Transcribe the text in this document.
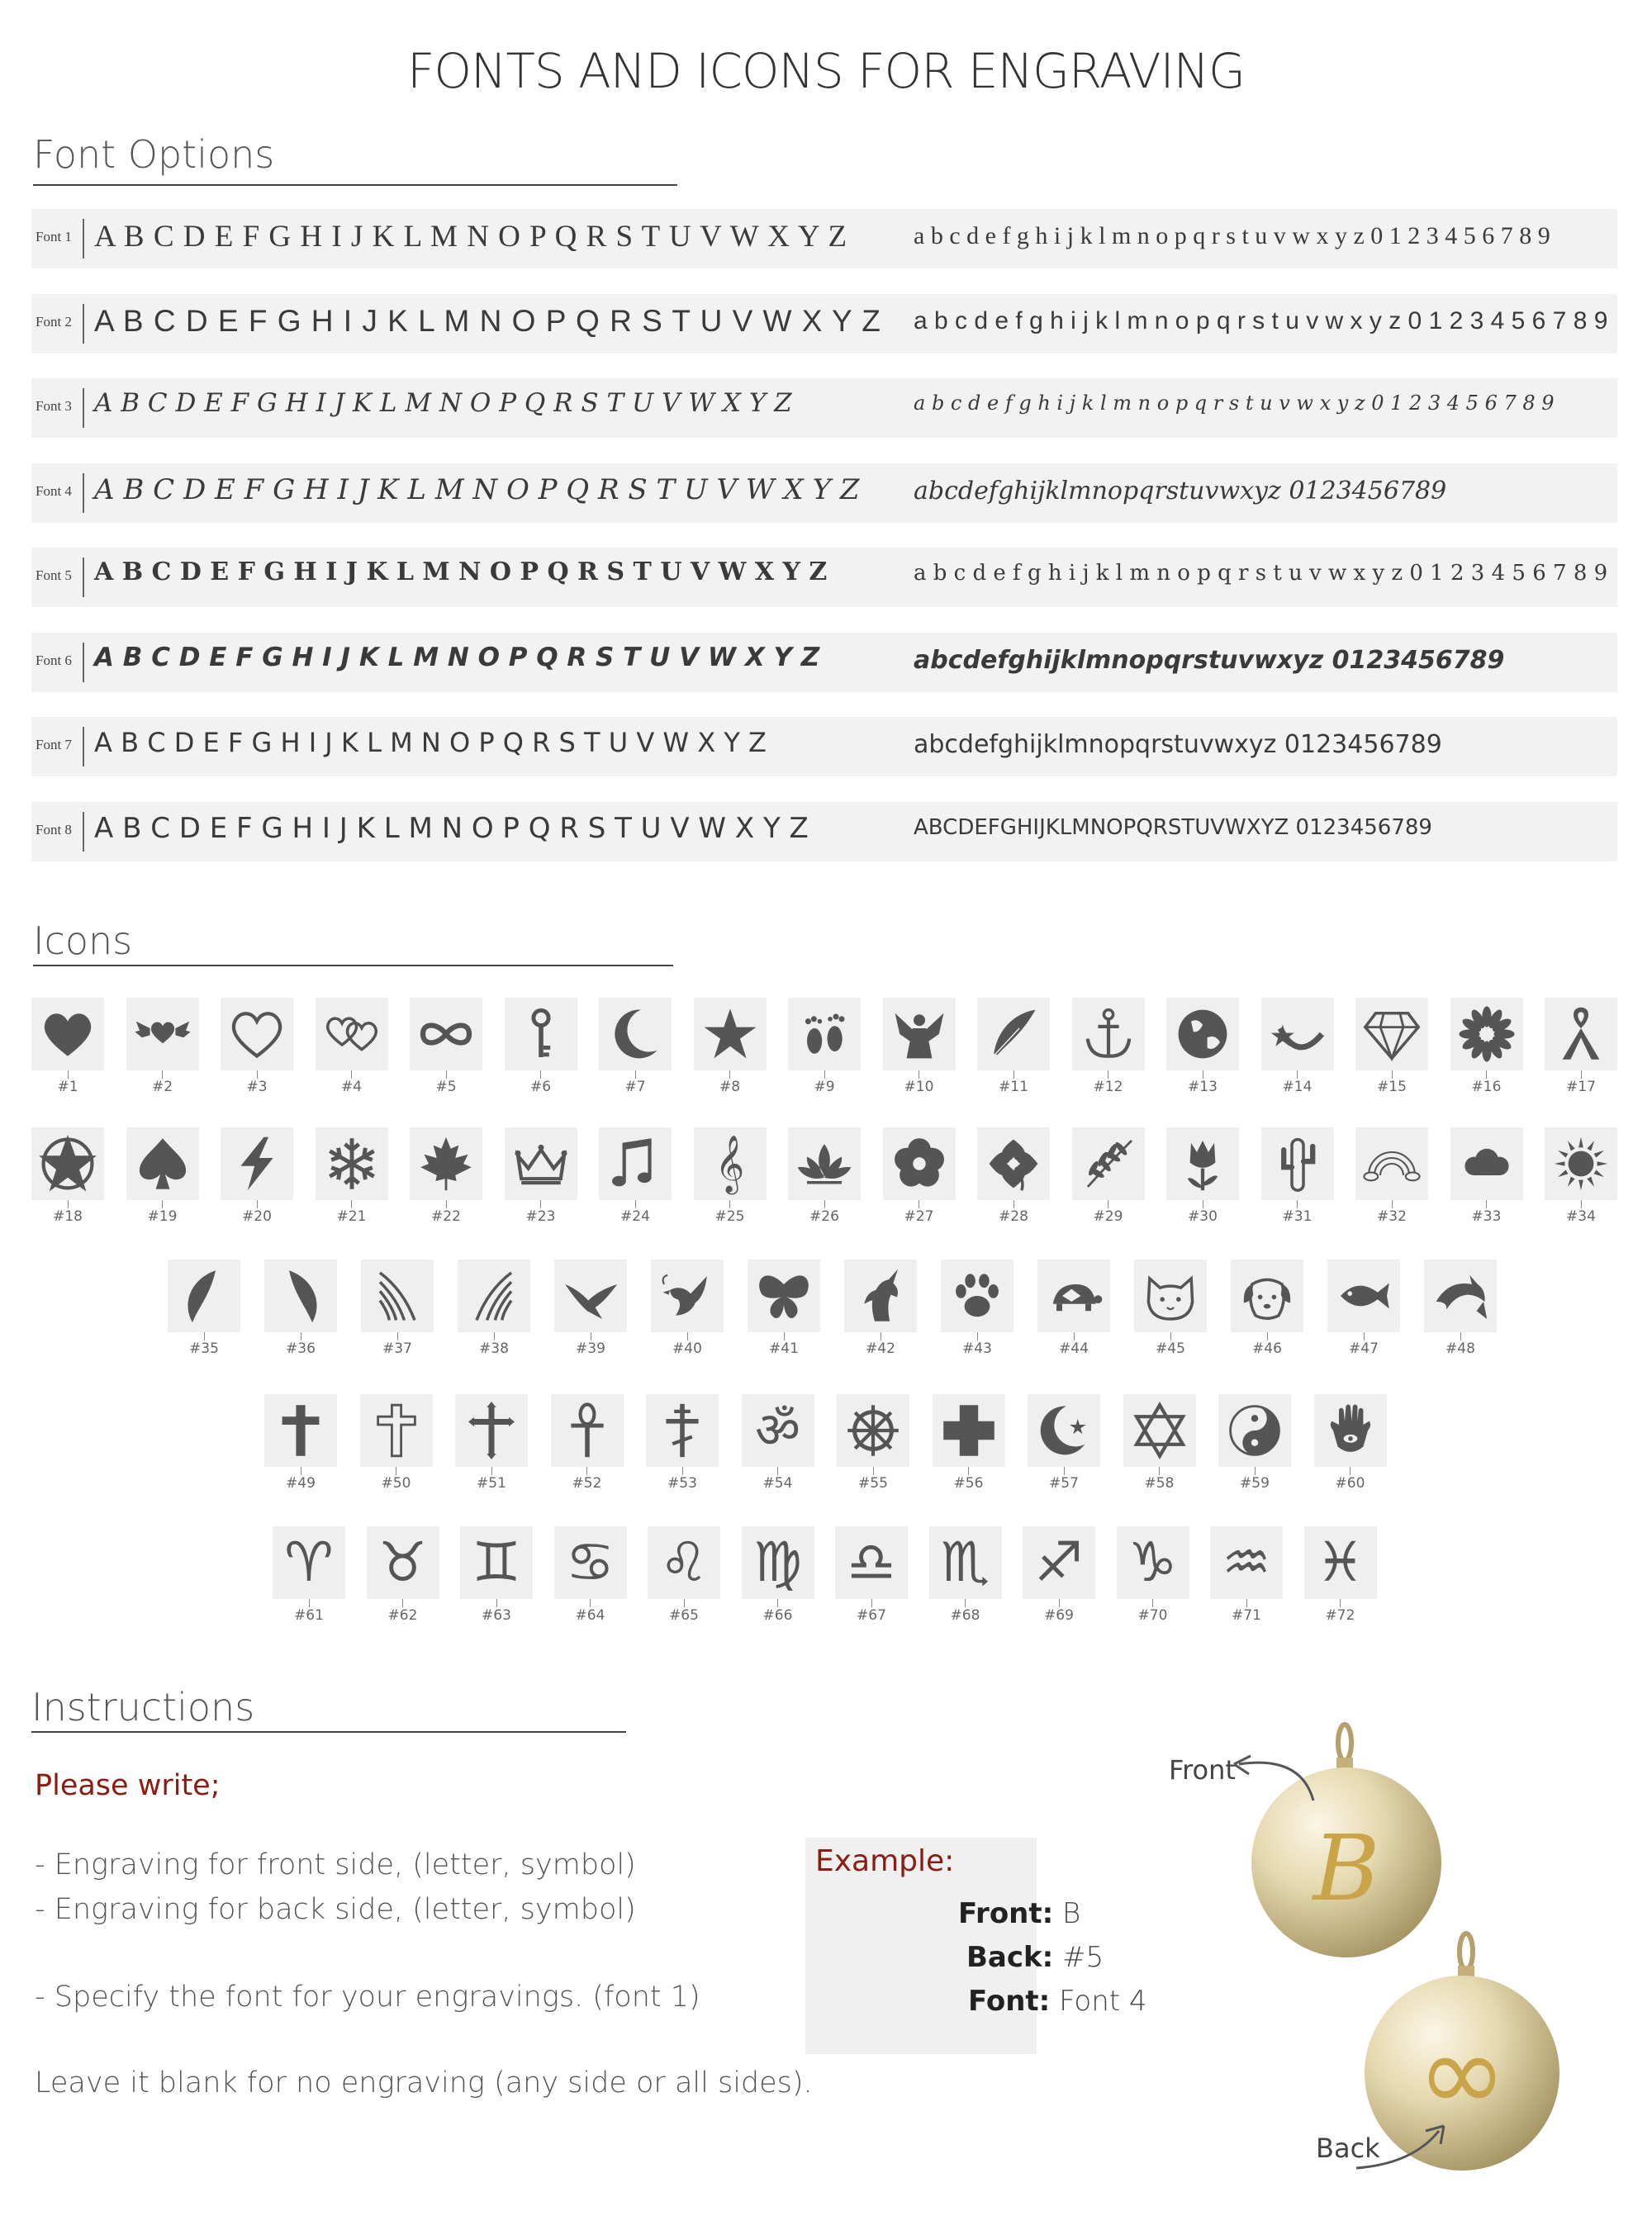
FONTS AND ICONS FOR ENGRAVING
Font Options
Font 1 A B C D E F G H I J K L M N O P Q R S T U V W X Y Z	a b c d e f g h i j k l m n o p q r s t u v w x y z 0 1 2 3 4 5 6 7 8 9
Font 2 A B C D E F G H I J K L M N O P Q R S T U V W X Y Z a b c d e f g h i j k l m n o p q r s t u v w x y z 0 1 2 3 4 5 6 7 8 9
Font 3 A B C D E F G H I J K L M N O P Q R S T U V W X Y Z	a b c d e f g h i j k l m n o p q r s t u v w x y z 0 1 2 3 4 5 6 7 8 9
Font 4 A B C D E F G H I J K L M N O P Q R S T U V W X Y Z abcdefghijklmnopqrstuvwxyz 0123456789
Font 5 A B C D E F G H I J K L M N O P Q R S T U V W X Y Z	a b c d e f g h i j k l m n o p q r s t u v w x y z 0 1 2 3 4 5 6 7 8 9
Font 6 A B C D E F G H I J K L M N O P Q R S T U V W X Y Z	abcdefghijklmnopqrstuvwxyz 0123456789
Font 7 A B C D E F G H I J K L M N O P Q R S T U V W X Y Z	abcdefghijklmnopqrstuvwxyz 0123456789
Font 8 A B C D E F G H I J K L M N O P Q R S T U V W X Y Z	ABCDEFGHIJKLMNOPQRSTUVWXYZ 0123456789
Icons
#1	#2	#3	#4	#5	#6	#7	#8	#9	#10	#11	#12	#13	#14	#15	#16	#17
#18	#19	#20	#21	#22	#23	#24
𝄞
#25	#26	#27	#28	#29	#30	#31	#32	#33	#34
#35	#36	#37	#38	#39	#40	#41	#42	#43	#44	#45	#46	#47	#48
#49	#50	#51	#52	#53
ॐ
#54	#55	#56	#57	#58	#59	#60
♈
#61
♉
#62
♊
#63
♋
#64
♌
#65
♍
#66
♎
#67
♏
#68
♐
#69
♑
#70
♒
#71
♓
#72
Instructions
Please write;
- Engraving for front side, (letter, symbol)
- Engraving for back side, (letter, symbol)
- Specify the font for your engravings. (font 1)
Leave it blank for no engraving (any side or all sides).
Example:
Front: B
Back: #5
Font: Font 4
Front
Back
B
∞
